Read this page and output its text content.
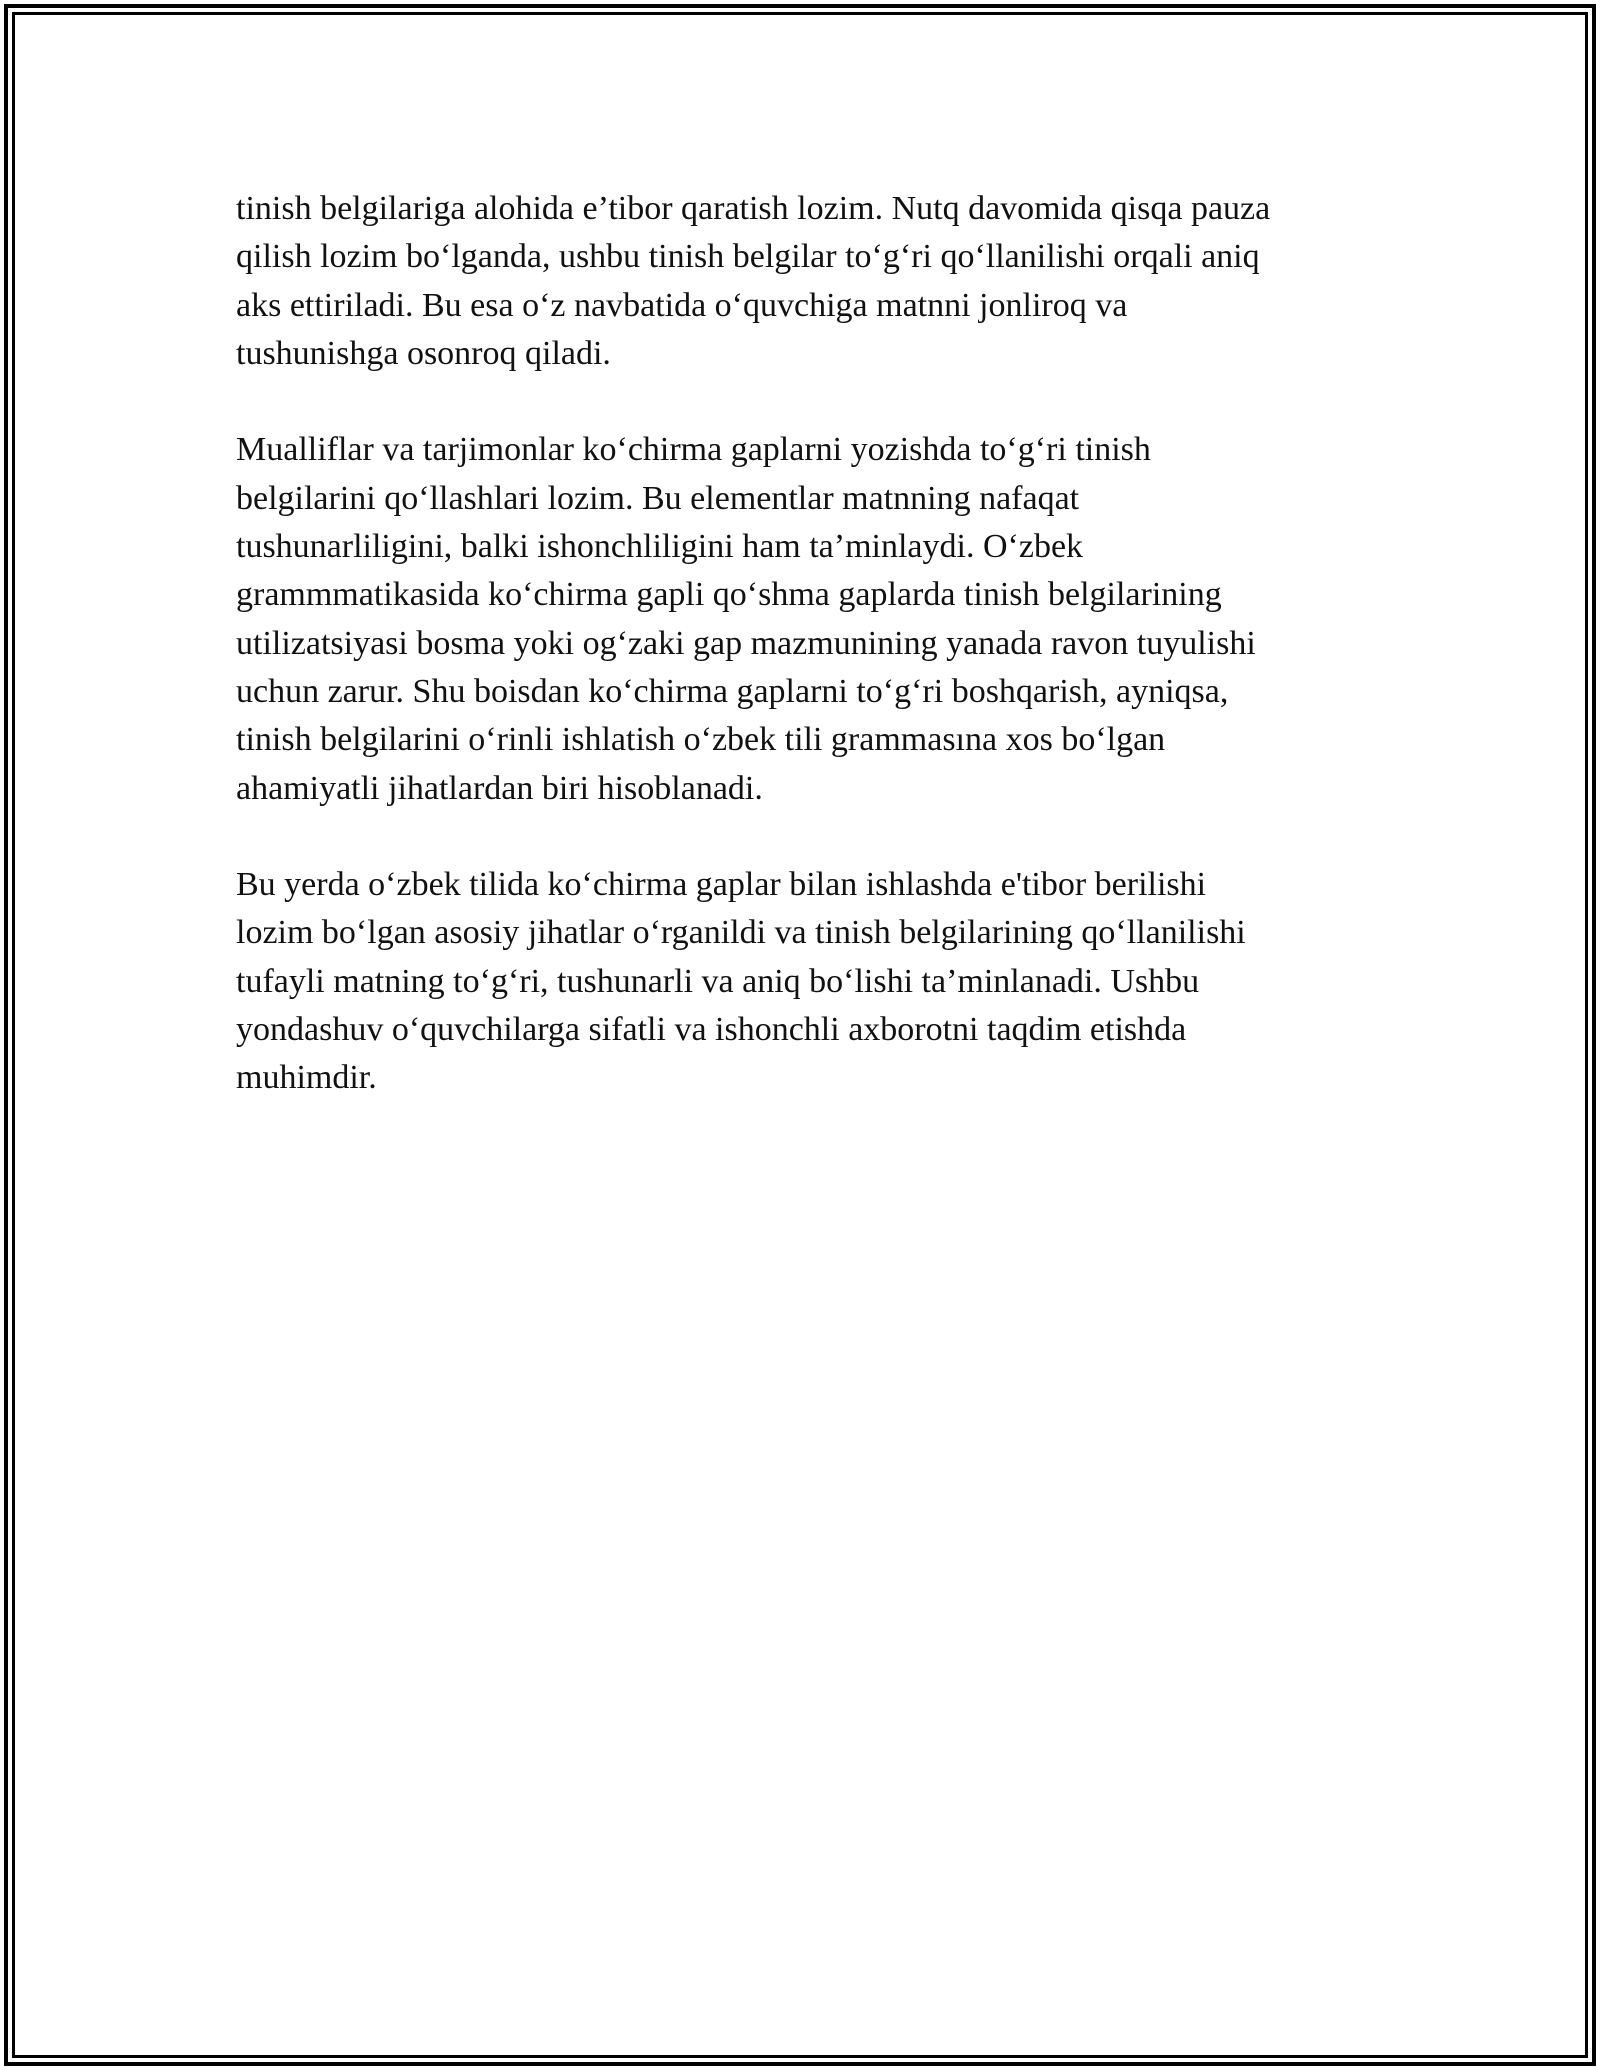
tinish belgilariga alohida e’tibor qaratish lozim. Nutq davomida qisqa pauza
qilish lozim bo‘lganda, ushbu tinish belgilar to‘g‘ri qo‘llanilishi orqali aniq
aks ettiriladi. Bu esa o‘z navbatida o‘quvchiga matnni jonliroq va
tushunishga osonroq qiladi.

Mualliflar va tarjimonlar ko‘chirma gaplarni yozishda to‘g‘ri tinish
belgilarini qo‘llashlari lozim. Bu elementlar matnning nafaqat
tushunarliligini, balki ishonchliligini ham ta’minlaydi. O‘zbek
grammmatikasida ko‘chirma gapli qo‘shma gaplarda tinish belgilarining
utilizatsiyasi bosma yoki og‘zaki gap mazmunining yanada ravon tuyulishi
uchun zarur. Shu boisdan ko‘chirma gaplarni to‘g‘ri boshqarish, ayniqsa,
tinish belgilarini o‘rinli ishlatish o‘zbek tili grammasına xos bo‘lgan
ahamiyatli jihatlardan biri hisoblanadi.

Bu yerda o‘zbek tilida ko‘chirma gaplar bilan ishlashda e'tibor berilishi
lozim bo‘lgan asosiy jihatlar o‘rganildi va tinish belgilarining qo‘llanilishi
tufayli matning to‘g‘ri, tushunarli va aniq bo‘lishi ta’minlanadi. Ushbu
yondashuv o‘quvchilarga sifatli va ishonchli axborotni taqdim etishda
muhimdir.
